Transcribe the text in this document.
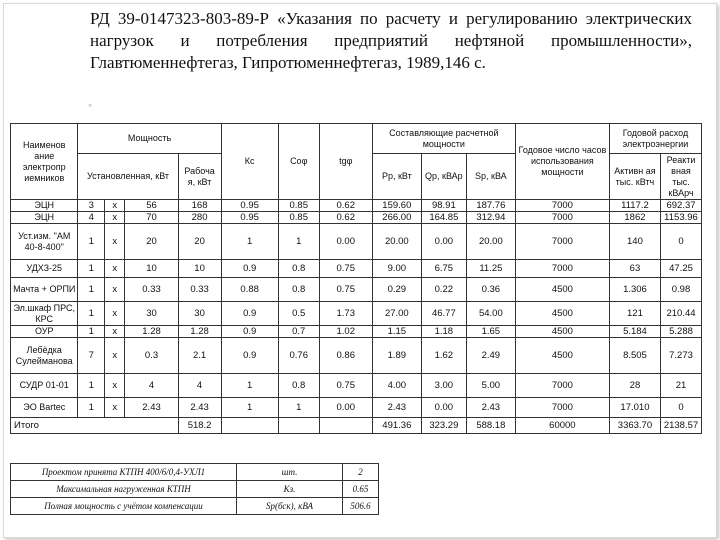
РД 39-0147323-803-89-Р «Указания по расчету и регулированию электрических нагрузок и потребления предприятий нефтяной промышленности», Главтюменнефтегаз, Гипротюменнефтегаз, 1989,146 с.
◦
Наименов ание электропр иемников	Мощность				Кс	Соφ	tgφ	Составляющие расчетной мощности			Годовое число часов использования мощности	Годовой расход электроэнергии	
	Установленная, кВт			Рабоча я, кВт				Рр, кВт	Qр, кВАр	Sр, кВА		Активн ая тыс. кВтч	Реакти вная тыс. кВАрч
ЭЦН	3	х	56	168	0.95	0.85	0.62	159.60	98.91	187.76	7000	1117.2	692.37
ЭЦН	4	х	70	280	0.95	0.85	0.62	266.00	164.85	312.94	7000	1862	1153.96
Уст.изм. "АМ 40-8-400"	1	х	20	20	1	1	0.00	20.00	0.00	20.00	7000	140	0
УДХЗ-25	1	х	10	10	0.9	0.8	0.75	9.00	6.75	11.25	7000	63	47.25
Мачта + ОРПИ	1	х	0.33	0.33	0.88	0.8	0.75	0.29	0.22	0.36	4500	1.306	0.98
Эл.шкаф ПРС, КРС	1	х	30	30	0.9	0.5	1.73	27.00	46.77	54.00	4500	121	210.44
ОУР	1	х	1.28	1.28	0.9	0.7	1.02	1.15	1.18	1.65	4500	5.184	5.288
Лебёдка Сулейманова	7	х	0.3	2.1	0.9	0.76	0.86	1.89	1.62	2.49	4500	8.505	7.273
СУДР 01-01	1	х	4	4	1	0.8	0.75	4.00	3.00	5.00	7000	28	21
ЭО Bartec	1	х	2.43	2.43	1	1	0.00	2.43	0.00	2.43	7000	17.010	0
Итого				518.2				491.36	323.29	588.18	60000	3363.70	2138.57
Проектом принята КТПН 400/6/0,4-УХЛ1	шт.	2
Максимальная нагруженная КТПН	Кз.	0.65
Полная мощность с учётом компенсации	Sр(бск), кВА	506.6
